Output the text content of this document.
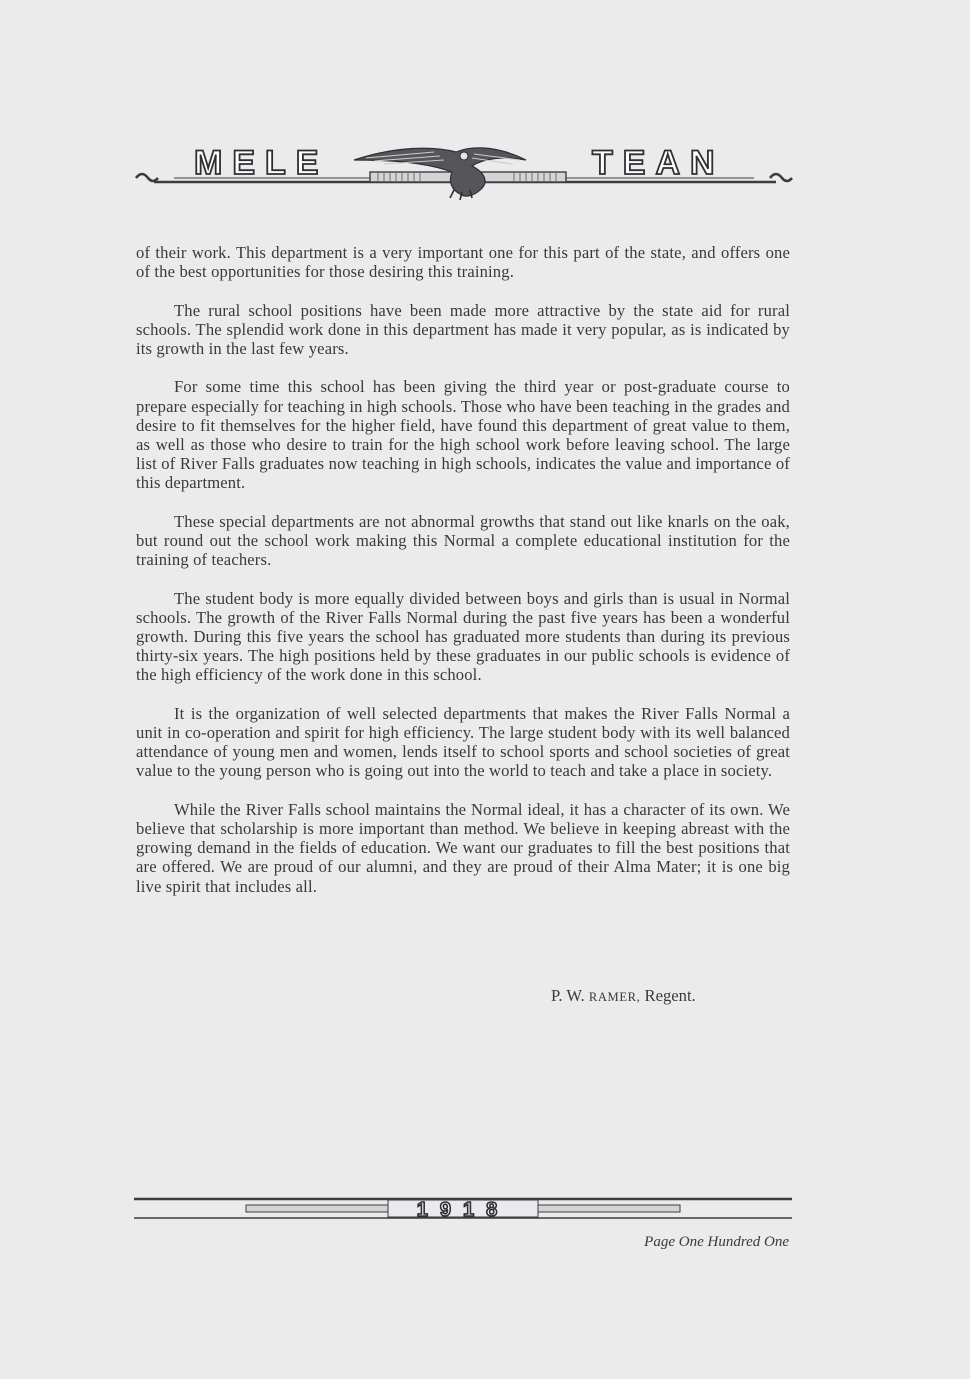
MELE	TEAN

of their work. This department is a very important one for this part of the state, and offers one of the best opportunities for those desiring this training.

The rural school positions have been made more attractive by the state aid for rural schools. The splendid work done in this department has made it very popular, as is indicated by its growth in the last few years.

For some time this school has been giving the third year or post-graduate course to prepare especially for teaching in high schools. Those who have been teaching in the grades and desire to fit themselves for the higher field, have found this department of great value to them, as well as those who desire to train for the high school work before leaving school. The large list of River Falls graduates now teaching in high schools, indicates the value and importance of this department.

These special departments are not abnormal growths that stand out like knarls on the oak, but round out the school work making this Normal a complete educational institution for the training of teachers.

The student body is more equally divided between boys and girls than is usual in Normal schools. The growth of the River Falls Normal during the past five years has been a wonderful growth. During this five years the school has graduated more students than during its previous thirty-six years. The high positions held by these graduates in our public schools is evidence of the high efficiency of the work done in this school.

It is the organization of well selected departments that makes the River Falls Normal a unit in co-operation and spirit for high efficiency. The large student body with its well balanced attendance of young men and women, lends itself to school sports and school societies of great value to the young person who is going out into the world to teach and take a place in society.

While the River Falls school maintains the Normal ideal, it has a character of its own. We believe that scholarship is more important than method. We believe in keeping abreast with the growing demand in the fields of education. We want our graduates to fill the best positions that are offered. We are proud of our alumni, and they are proud of their Alma Mater; it is one big live spirit that includes all.

P. W. RAMER, Regent.
1918
Page One Hundred One
